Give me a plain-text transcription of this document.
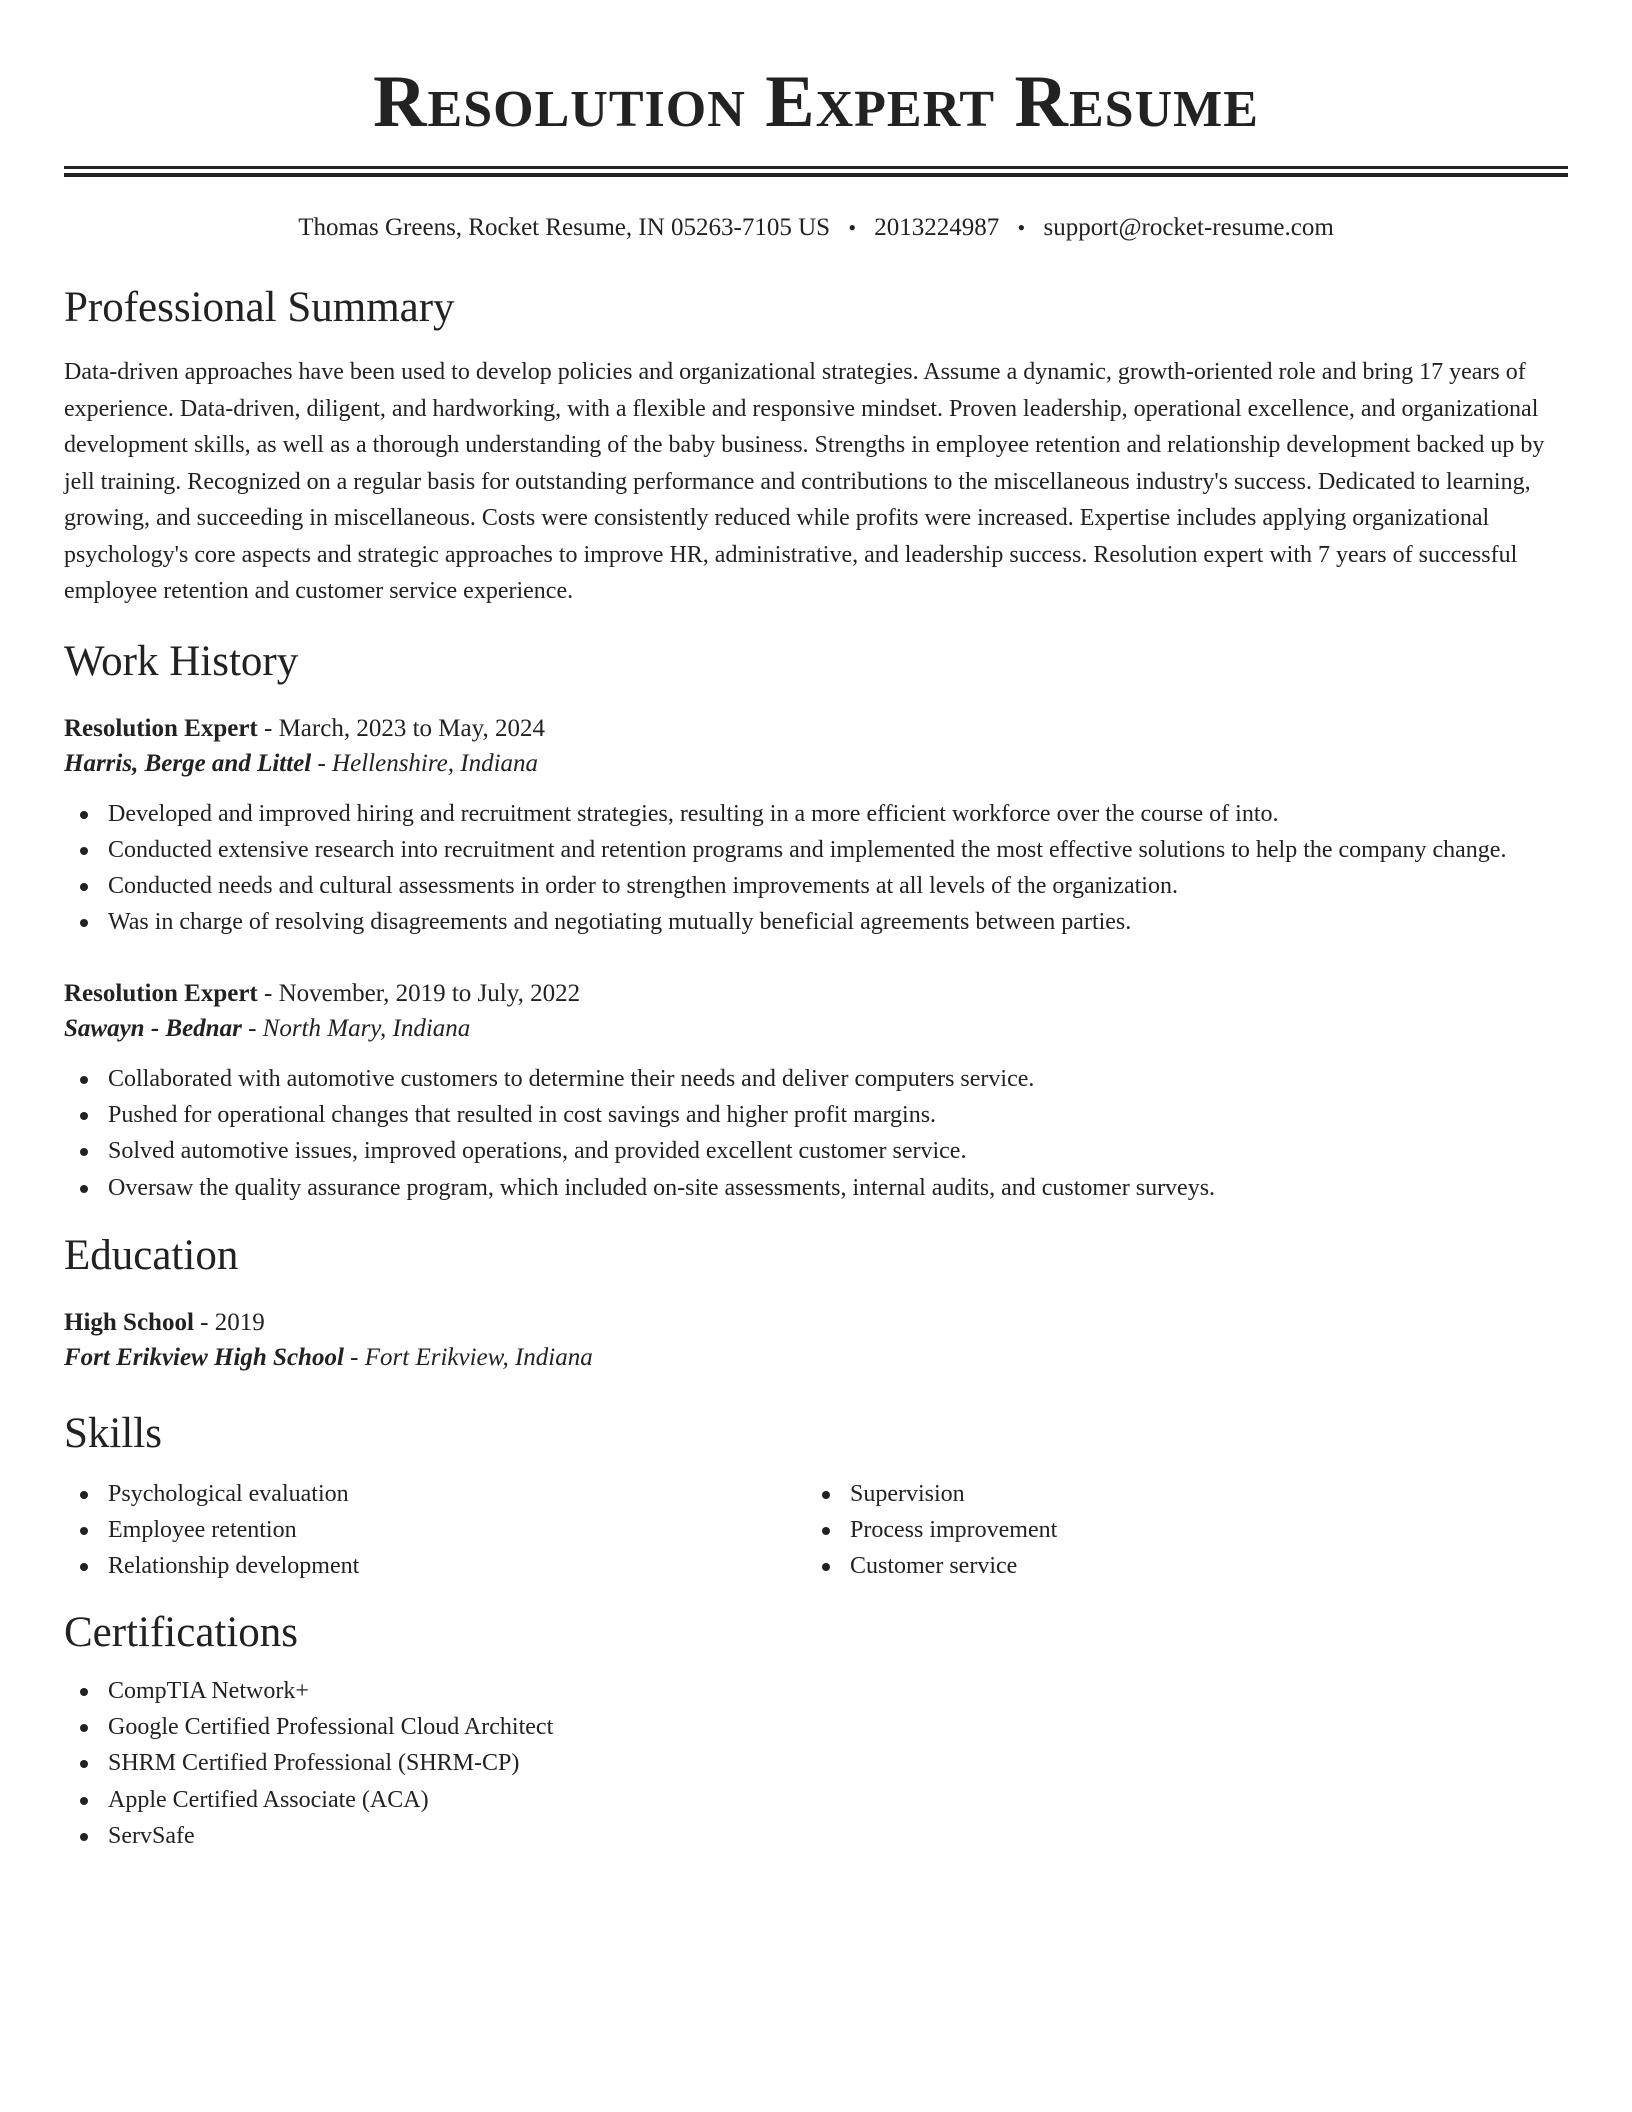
Resolution Expert Resume
Thomas Greens, Rocket Resume, IN 05263-7105 US • 2013224987 • support@rocket-resume.com
Professional Summary

Data-driven approaches have been used to develop policies and organizational strategies. Assume a dynamic, growth-oriented role and bring 17 years of experience. Data-driven, diligent, and hardworking, with a flexible and responsive mindset. Proven leadership, operational excellence, and organizational development skills, as well as a thorough understanding of the baby business. Strengths in employee retention and relationship development backed up by jell training. Recognized on a regular basis for outstanding performance and contributions to the miscellaneous industry's success. Dedicated to learning, growing, and succeeding in miscellaneous. Costs were consistently reduced while profits were increased. Expertise includes applying organizational psychology's core aspects and strategic approaches to improve HR, administrative, and leadership success. Resolution expert with 7 years of successful employee retention and customer service experience.

Work History
Resolution Expert - March, 2023 to May, 2024
Harris, Berge and Littel - Hellenshire, Indiana
Developed and improved hiring and recruitment strategies, resulting in a more efficient workforce over the course of into.
Conducted extensive research into recruitment and retention programs and implemented the most effective solutions to help the company change.
Conducted needs and cultural assessments in order to strengthen improvements at all levels of the organization.
Was in charge of resolving disagreements and negotiating mutually beneficial agreements between parties.
Resolution Expert - November, 2019 to July, 2022
Sawayn - Bednar - North Mary, Indiana
Collaborated with automotive customers to determine their needs and deliver computers service.
Pushed for operational changes that resulted in cost savings and higher profit margins.
Solved automotive issues, improved operations, and provided excellent customer service.
Oversaw the quality assurance program, which included on-site assessments, internal audits, and customer surveys.
Education
High School - 2019
Fort Erikview High School - Fort Erikview, Indiana
Skills
Psychological evaluation
Employee retention
Relationship development
Supervision
Process improvement
Customer service
Certifications
CompTIA Network+
Google Certified Professional Cloud Architect
SHRM Certified Professional (SHRM-CP)
Apple Certified Associate (ACA)
ServSafe
